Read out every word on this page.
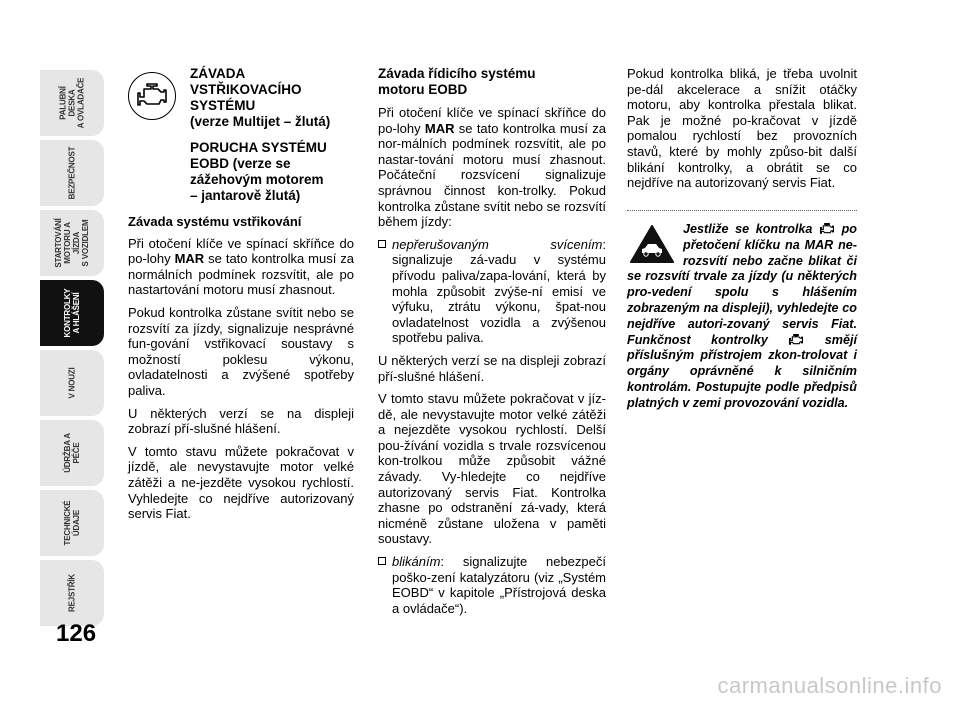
PALUBNÍ DESKA
A OVLADAČE
BEZPEČNOST
STARTOVÁNÍ
MOTORU A JÍZDA
S VOZIDLEM
KONTROLKY
A HLÁŠENÍ
V NOUZI
ÚDRŽBA A PÉČE
TECHNICKÉ ÚDAJE
REJSTŘÍK
126
ZÁVADA
VSTŘIKOVACÍHO
SYSTÉMU
(verze Multijet – žlutá)
PORUCHA SYSTÉMU
EOBD (verze se
zážehovým motorem
– jantarově žlutá)
Závada systému vstřikování

Při otočení klíče ve spínací skříňce do po-lohy MAR se tato kontrolka musí za normálních podmínek rozsvítit, ale po nastartování motoru musí zhasnout.

Pokud kontrolka zůstane svítit nebo se rozsvítí za jízdy, signalizuje nesprávné fun-gování vstřikovací soustavy s možností poklesu výkonu, ovladatelnosti a zvýšené spotřeby paliva.

U některých verzí se na displeji zobrazí pří-slušné hlášení.

V tomto stavu můžete pokračovat v jízdě, ale nevystavujte motor velké zátěži a ne-jezděte vysokou rychlostí. Vyhledejte co nejdříve autorizovaný servis Fiat.

Závada řídicího systému
motoru EOBD

Při otočení klíče ve spínací skříňce do po-lohy MAR se tato kontrolka musí za nor-málních podmínek rozsvítit, ale po nastar-tování motoru musí zhasnout. Počáteční rozsvícení signalizuje správnou činnost kon-trolky. Pokud kontrolka zůstane svítit nebo se rozsvítí během jízdy:

nepřerušovaným svícením: signalizuje zá-vadu v systému přívodu paliva/zapa-lování, která by mohla způsobit zvýše-ní emisí ve výfuku, ztrátu výkonu, špat-nou ovladatelnost vozidla a zvýšenou spotřebu paliva.

U některých verzí se na displeji zobrazí pří-slušné hlášení.

V tomto stavu můžete pokračovat v jíz-dě, ale nevystavujte motor velké zátěži a nejezděte vysokou rychlostí. Delší pou-žívání vozidla s trvale rozsvícenou kon-trolkou může způsobit vážné závady. Vy-hledejte co nejdříve autorizovaný servis Fiat. Kontrolka zhasne po odstranění zá-vady, která nicméně zůstane uložena v paměti soustavy.

blikáním: signalizujte nebezpečí poško-zení katalyzátoru (viz „Systém EOBD“ v kapitole „Přístrojová deska a ovládače“).

Pokud kontrolka bliká, je třeba uvolnit pe-dál akcelerace a snížit otáčky motoru, aby kontrolka přestala blikat. Pak je možné po-kračovat v jízdě pomalou rychlostí bez provozních stavů, které by mohly způso-bit další blikání kontrolky, a obrátit se co nejdříve na autorizovaný servis Fiat.

Jestliže se kontrolka  po přetočení klíčku na MAR ne-rozsvítí nebo začne blikat či se rozsvítí trvale za jízdy (u některých pro-vedení spolu s hlášením zobrazeným na displeji), vyhledejte co nejdříve autori-zovaný servis Fiat. Funkčnost kontrolky  smějí příslušným přístrojem zkon-trolovat i orgány oprávněné k silničním kontrolám. Postupujte podle předpisů platných v zemi provozování vozidla.
carmanualsonline.info
